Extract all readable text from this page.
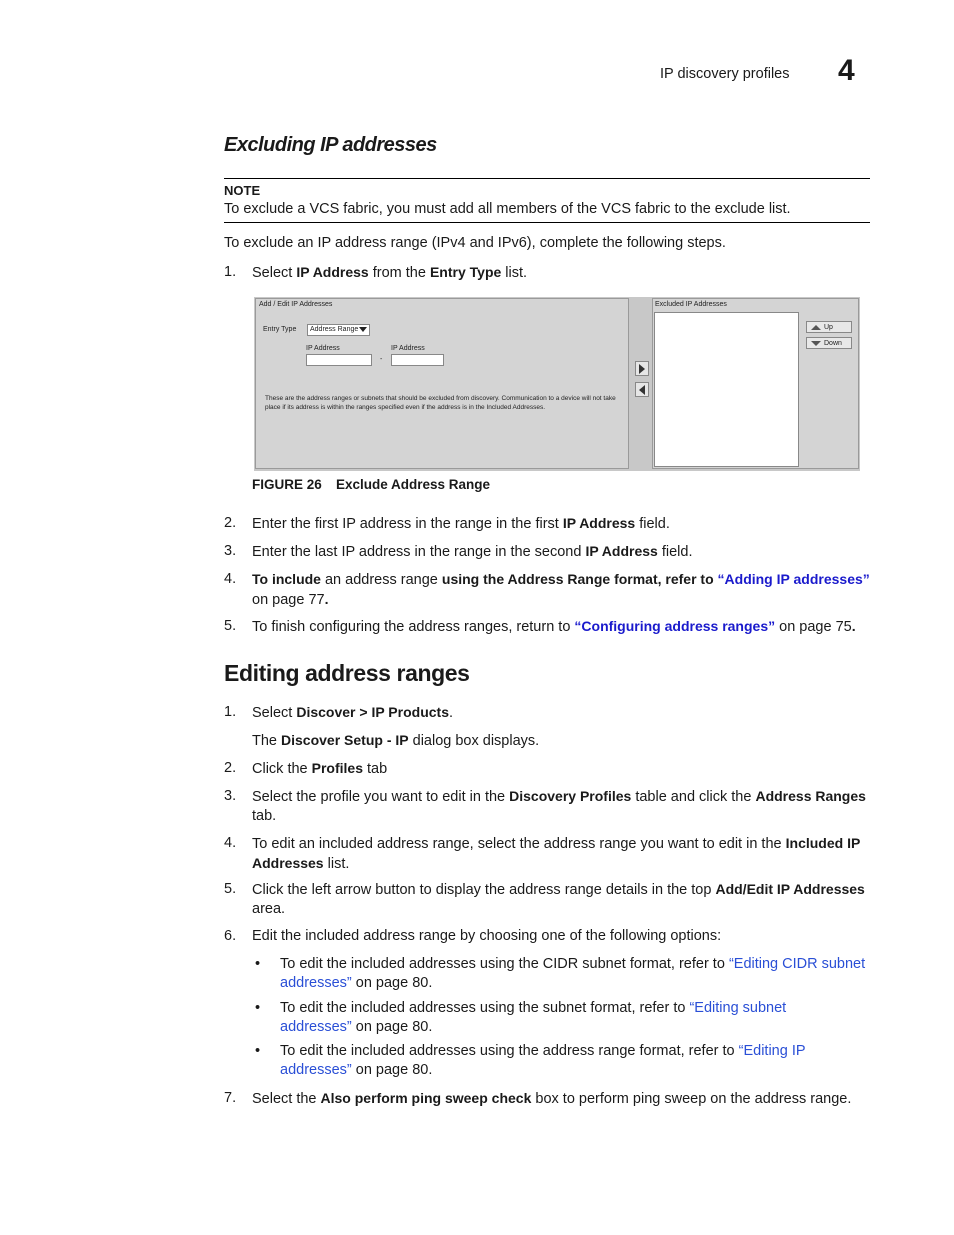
IP discovery profiles 4
Excluding IP addresses
NOTE
To exclude a VCS fabric, you must add all members of the VCS fabric to the exclude list.
To exclude an IP address range (IPv4 and IPv6), complete the following steps.
1. Select IP Address from the Entry Type list.
Add / Edit IP Addresses
Entry Type Address Range
IP Address
-
IP Address
These are the address ranges or subnets that should be excluded from discovery. Communication to a device will not take place if its address is within the ranges specified even if the address is in the Included Addresses.
Excluded IP Addresses
Up
Down
FIGURE 26 Exclude Address Range
2. Enter the first IP address in the range in the first IP Address field.
3. Enter the last IP address in the range in the second IP Address field.
4. To include an address range using the Address Range format, refer to “Adding IP addresses”
on page 77.
5. To finish configuring the address ranges, return to “Configuring address ranges” on page 75.
Editing address ranges
1. Select Discover > IP Products.
The Discover Setup - IP dialog box displays.
2. Click the Profiles tab
3. Select the profile you want to edit in the Discovery Profiles table and click the Address Ranges
tab.
4. To edit an included address range, select the address range you want to edit in the Included IP
Addresses list.
5. Click the left arrow button to display the address range details in the top Add/Edit IP Addresses
area.
6. Edit the included address range by choosing one of the following options:
• To edit the included addresses using the CIDR subnet format, refer to “Editing CIDR subnet
addresses” on page 80.
• To edit the included addresses using the subnet format, refer to “Editing subnet
addresses” on page 80.
• To edit the included addresses using the address range format, refer to “Editing IP
addresses” on page 80.
7. Select the Also perform ping sweep check box to perform ping sweep on the address range.
